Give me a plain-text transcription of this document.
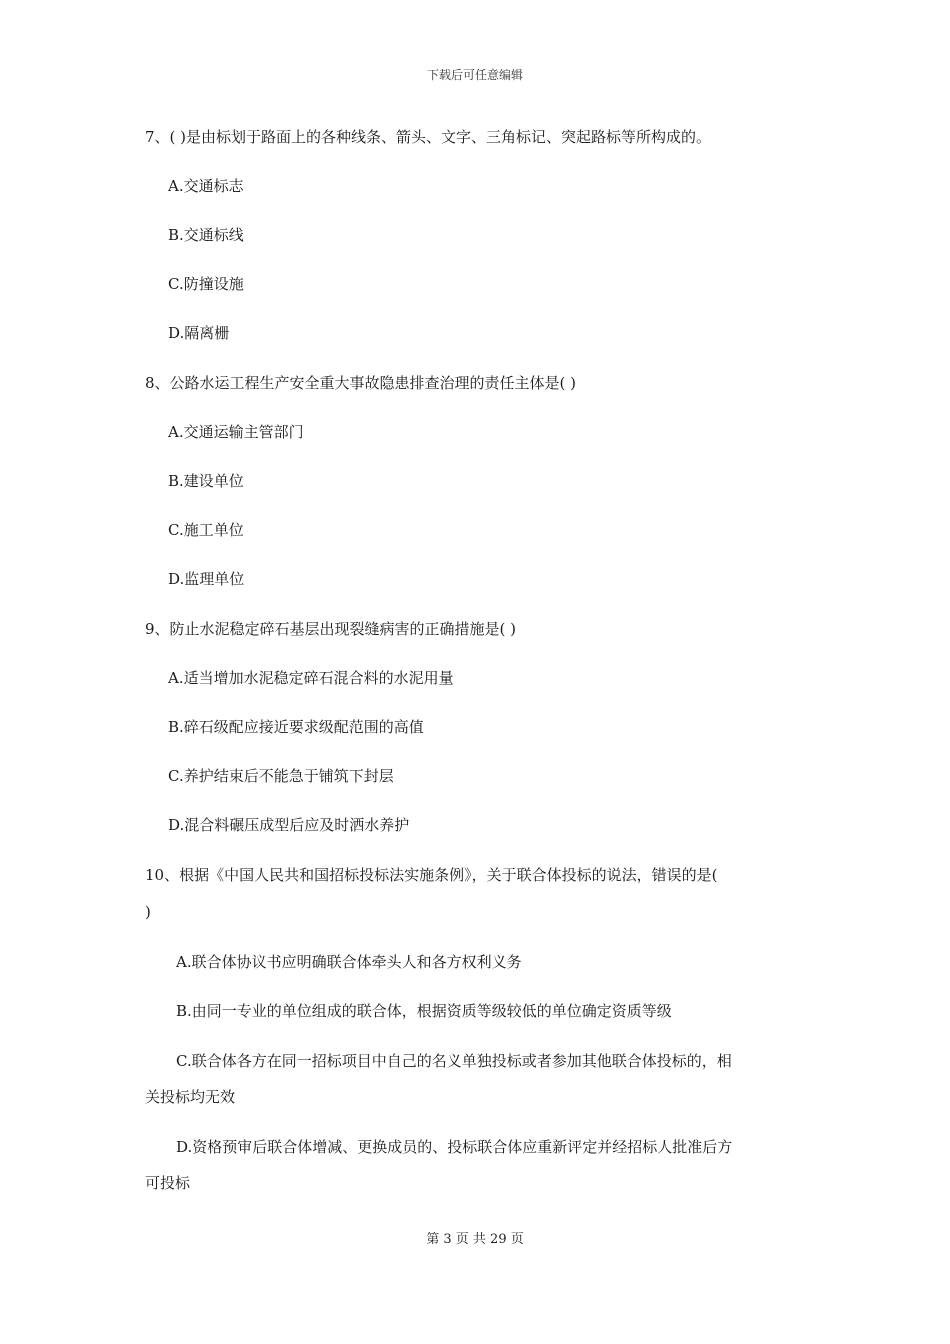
下载后可任意编辑
7、( )是由标划于路面上的各种线条、箭头、文字、三角标记、突起路标等所构成的。
A.交通标志
B.交通标线
C.防撞设施
D.隔离栅
8、公路水运工程生产安全重大事故隐患排查治理的责任主体是( )
A.交通运输主管部门
B.建设单位
C.施工单位
D.监理单位
9、防止水泥稳定碎石基层出现裂缝病害的正确措施是( )
A.适当增加水泥稳定碎石混合料的水泥用量
B.碎石级配应接近要求级配范围的高值
C.养护结束后不能急于铺筑下封层
D.混合料碾压成型后应及时洒水养护
10、根据《中国人民共和国招标投标法实施条例》，关于联合体投标的说法，错误的是(
)
A.联合体协议书应明确联合体牵头人和各方权利义务
B.由同一专业的单位组成的联合体，根据资质等级较低的单位确定资质等级
C.联合体各方在同一招标项目中自己的名义单独投标或者参加其他联合体投标的，相
关投标均无效
D.资格预审后联合体增减、更换成员的、投标联合体应重新评定并经招标人批准后方
可投标
第 3 页 共 29 页
